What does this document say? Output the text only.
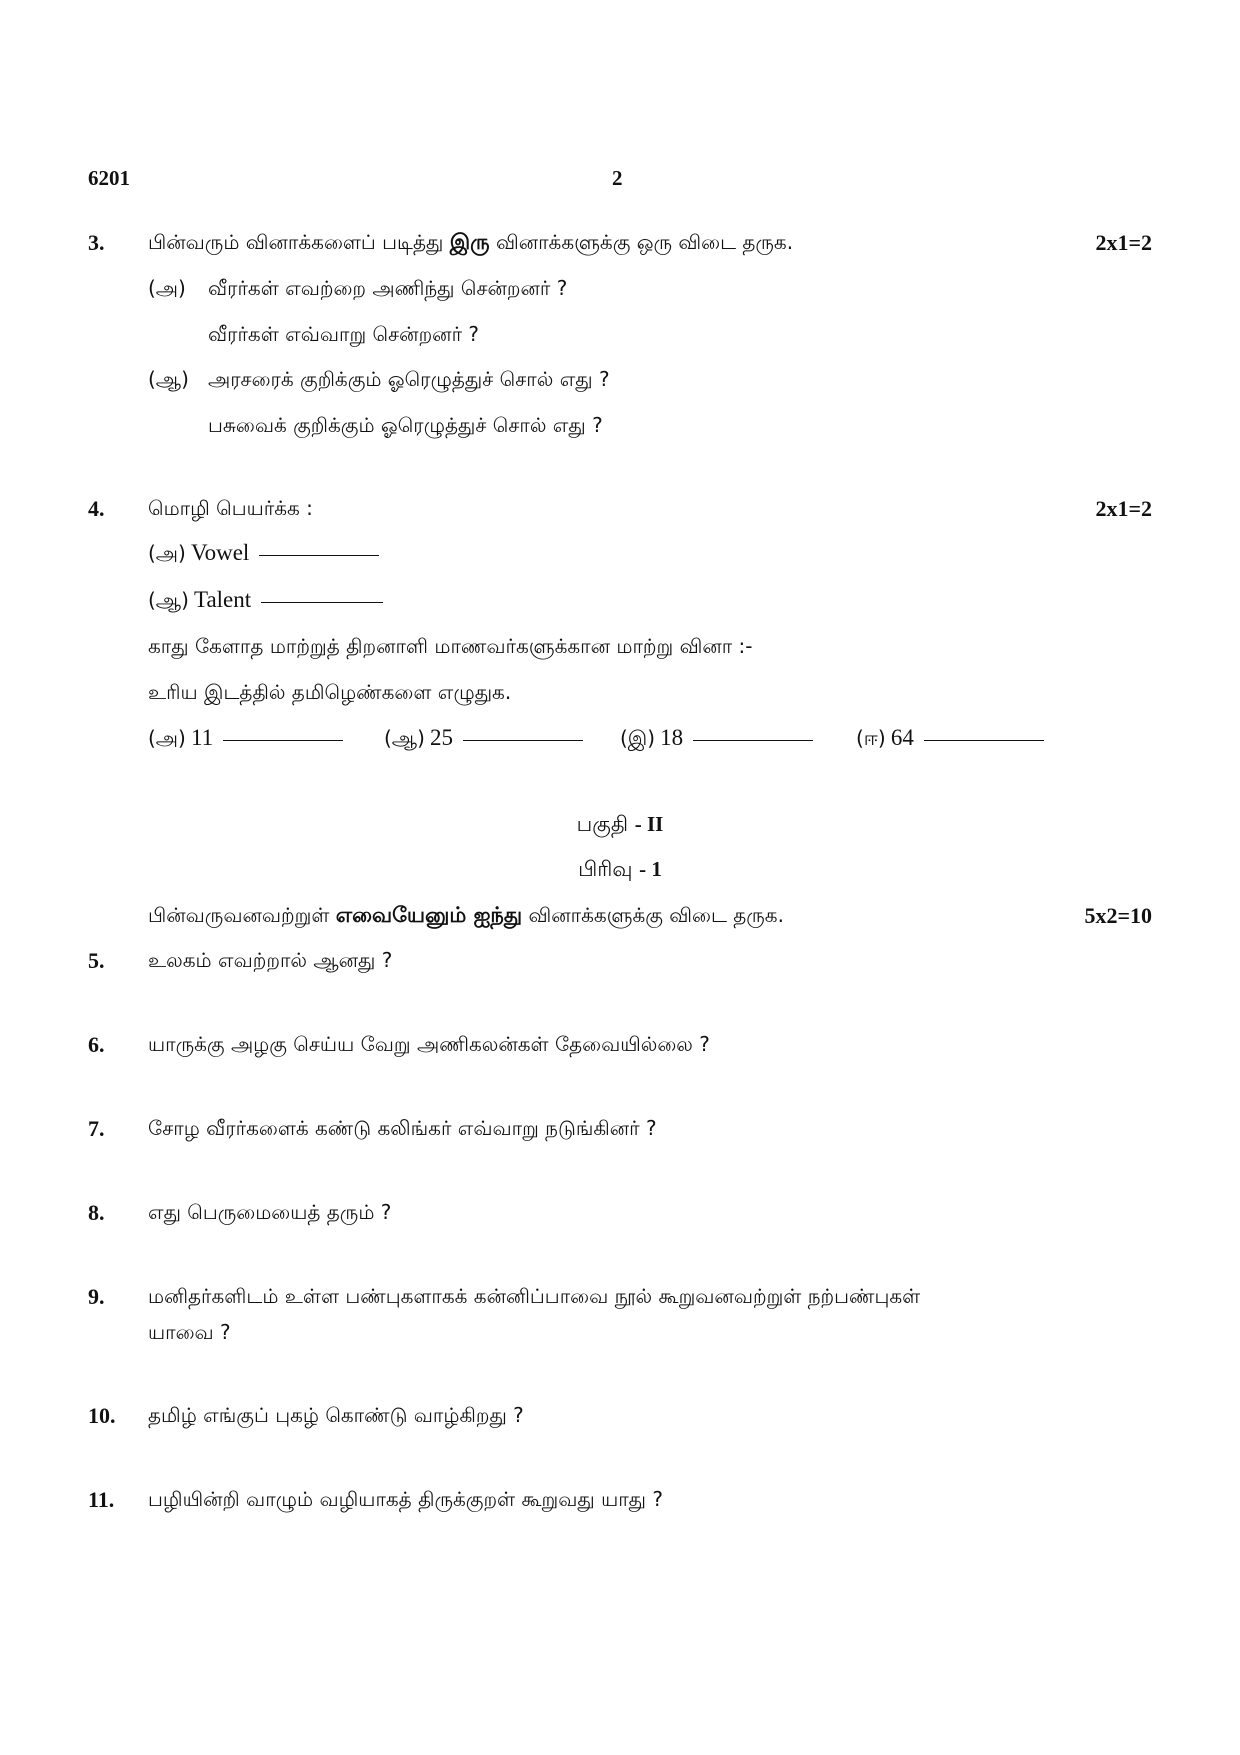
6201	2
3. பின்வரும் வினாக்களைப் படித்து இரு வினாக்களுக்கு ஒரு விடை தருக.	2x1=2
(அ) வீரர்கள் எவற்றை அணிந்து சென்றனர் ?
வீரர்கள் எவ்வாறு சென்றனர் ?
(ஆ) அரசரைக் குறிக்கும் ஓரெழுத்துச் சொல் எது ?
பசுவைக் குறிக்கும் ஓரெழுத்துச் சொல் எது ?
4. மொழி பெயர்க்க :	2x1=2
(அ) Vowel
(ஆ) Talent
காது கேளாத மாற்றுத் திறனாளி மாணவர்களுக்கான மாற்று வினா :-
உரிய இடத்தில் தமிழெண்களை எழுதுக.
(அ) 11	(ஆ) 25	(இ) 18	(ஈ) 64
பகுதி - II
பிரிவு - 1
பின்வருவனவற்றுள் எவையேனும் ஐந்து வினாக்களுக்கு விடை தருக.	5x2=10
5. உலகம் எவற்றால் ஆனது ?
6. யாருக்கு அழகு செய்ய வேறு அணிகலன்கள் தேவையில்லை ?
7. சோழ வீரர்களைக் கண்டு கலிங்கர் எவ்வாறு நடுங்கினர் ?
8. எது பெருமையைத் தரும் ?
9. மனிதர்களிடம் உள்ள பண்புகளாகக் கன்னிப்பாவை நூல் கூறுவனவற்றுள் நற்பண்புகள்
யாவை ?
10. தமிழ் எங்குப் புகழ் கொண்டு வாழ்கிறது ?
11. பழியின்றி வாழும் வழியாகத் திருக்குறள் கூறுவது யாது ?
